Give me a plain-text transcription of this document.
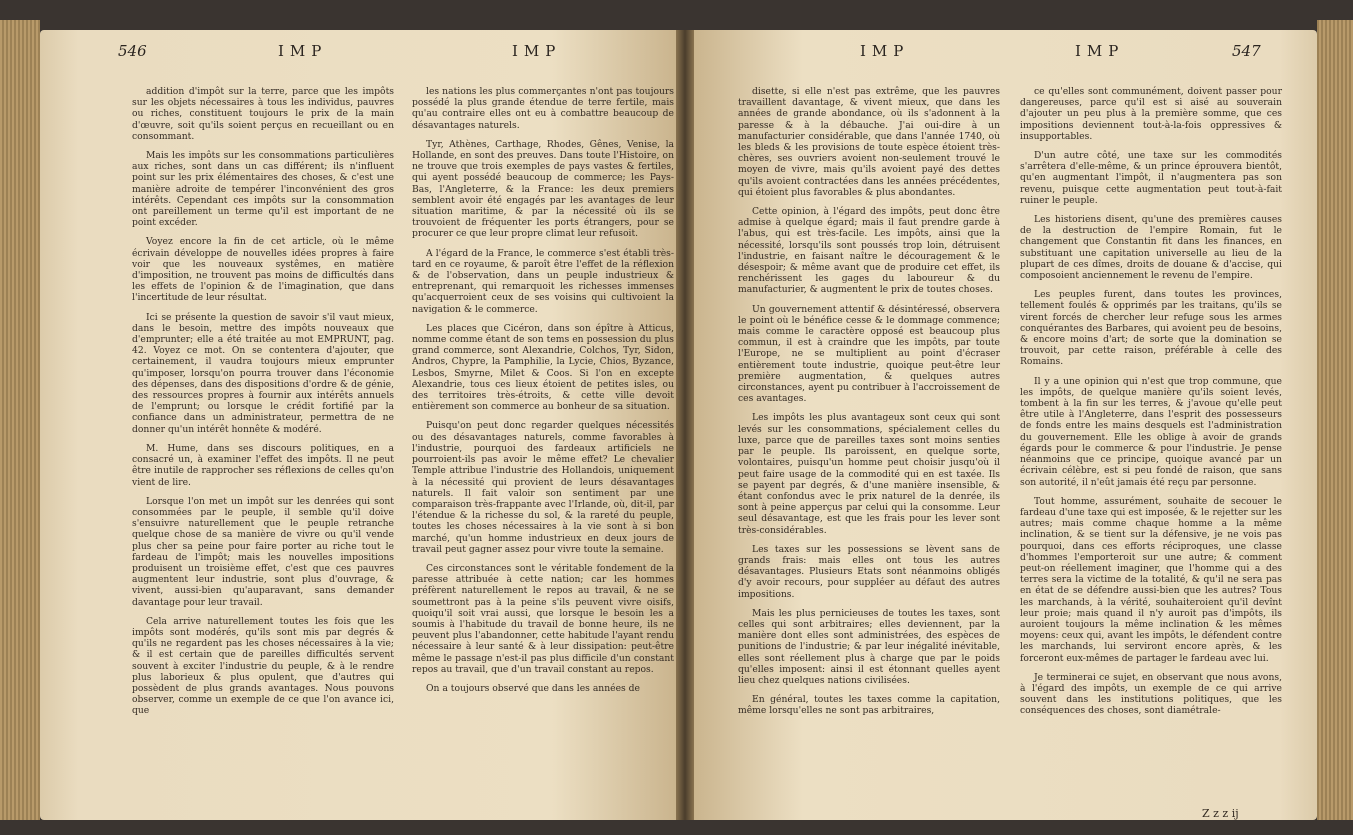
546	IMP	IMP	IMP	IMP	547

addition d'impôt sur la terre, parce que les impôts sur les objets nécessaires à tous les individus, pauvres ou riches, constituent toujours le prix de la main d'œuvre, soit qu'ils soient perçus en recueillant ou en consommant.

Mais les impôts sur les consommations particulières aux riches, sont dans un cas différent; ils n'influent point sur les prix élémentaires des choses, & c'est une manière adroite de tempérer l'inconvénient des gros intérêts. Cependant ces impôts sur la consommation ont pareillement un terme qu'il est important de ne point excéder.

Voyez encore la fin de cet article, où le même écrivain développe de nouvelles idées propres à faire voir que les nouveaux systêmes, en matière d'imposition, ne trouvent pas moins de difficultés dans les effets de l'opinion & de l'imagination, que dans l'incertitude de leur résultat.

Ici se présente la question de savoir s'il vaut mieux, dans le besoin, mettre des impôts nouveaux que d'emprunter; elle a été traitée au mot EMPRUNT, pag. 42. Voyez ce mot. On se contentera d'ajouter, que certainement, il vaudra toujours mieux emprunter qu'imposer, lorsqu'on pourra trouver dans l'économie des dépenses, dans des dispositions d'ordre & de génie, des ressources propres à fournir aux intérêts annuels de l'emprunt; ou lorsque le crédit fortifié par la confiance dans un administrateur, permettra de ne donner qu'un intérêt honnête & modéré.

M. Hume, dans ses discours politiques, en a consacré un, à examiner l'effet des impôts. Il ne peut être inutile de rapprocher ses réflexions de celles qu'on vient de lire.

Lorsque l'on met un impôt sur les denrées qui sont consommées par le peuple, il semble qu'il doive s'ensuivre naturellement que le peuple retranche quelque chose de sa manière de vivre ou qu'il vende plus cher sa peine pour faire porter au riche tout le fardeau de l'impôt; mais les nouvelles impositions produisent un troisième effet, c'est que ces pauvres augmentent leur industrie, sont plus d'ouvrage, & vivent, aussi-bien qu'auparavant, sans demander davantage pour leur travail.

Cela arrive naturellement toutes les fois que les impôts sont modérés, qu'ils sont mis par degrés & qu'ils ne regardent pas les choses nécessaires à la vie; & il est certain que de pareilles difficultés servent souvent à exciter l'industrie du peuple, & à le rendre plus laborieux & plus opulent, que d'autres qui possèdent de plus grands avantages. Nous pouvons observer, comme un exemple de ce que l'on avance ici, que

les nations les plus commerçantes n'ont pas toujours possédé la plus grande étendue de terre fertile, mais qu'au contraire elles ont eu à combattre beaucoup de désavantages naturels.

Tyr, Athènes, Carthage, Rhodes, Gênes, Venise, la Hollande, en sont des preuves. Dans toute l'Histoire, on ne trouve que trois exemples de pays vastes & fertiles, qui ayent possédé beaucoup de commerce; les Pays-Bas, l'Angleterre, & la France: les deux premiers semblent avoir été engagés par les avantages de leur situation maritime, & par la nécessité où ils se trouvoient de fréquenter les ports étrangers, pour se procurer ce que leur propre climat leur refusoit.

A l'égard de la France, le commerce s'est établi très-tard en ce royaume, & paroît être l'effet de la réflexion & de l'observation, dans un peuple industrieux & entreprenant, qui remarquoit les richesses immenses qu'acquerroient ceux de ses voisins qui cultivoient la navigation & le commerce.

Les places que Cicéron, dans son épître à Atticus, nomme comme étant de son tems en possession du plus grand commerce, sont Alexandrie, Colchos, Tyr, Sidon, Andros, Chypre, la Pamphilie, la Lycie, Chios, Byzance, Lesbos, Smyrne, Milet & Coos. Si l'on en excepte Alexandrie, tous ces lieux étoient de petites isles, ou des territoires très-étroits, & cette ville devoit entièrement son commerce au bonheur de sa situation.

Puisqu'on peut donc regarder quelques nécessités ou des désavantages naturels, comme favorables à l'industrie, pourquoi des fardeaux artificiels ne pourroient-ils pas avoir le même effet? Le chevalier Temple attribue l'industrie des Hollandois, uniquement à la nécessité qui provient de leurs désavantages naturels. Il fait valoir son sentiment par une comparaison très-frappante avec l'Irlande, où, dit-il, par l'étendue & la richesse du sol, & la rareté du peuple, toutes les choses nécessaires à la vie sont à si bon marché, qu'un homme industrieux en deux jours de travail peut gagner assez pour vivre toute la semaine.

Ces circonstances sont le véritable fondement de la paresse attribuée à cette nation; car les hommes préfèrent naturellement le repos au travail, & ne se soumettront pas à la peine s'ils peuvent vivre oisifs, quoiqu'il soit vrai aussi, que lorsque le besoin les a soumis à l'habitude du travail de bonne heure, ils ne peuvent plus l'abandonner, cette habitude l'ayant rendu nécessaire à leur santé & à leur dissipation: peut-être même le passage n'est-il pas plus difficile d'un constant repos au travail, que d'un travail constant au repos.

On a toujours observé que dans les années de

disette, si elle n'est pas extrême, que les pauvres travaillent davantage, & vivent mieux, que dans les années de grande abondance, où ils s'adonnent à la paresse & à la débauche. J'ai oui-dire à un manufacturier considérable, que dans l'année 1740, où les bleds & les provisions de toute espèce étoient très-chères, ses ouvriers avoient non-seulement trouvé le moyen de vivre, mais qu'ils avoient payé des dettes qu'ils avoient contractées dans les années précédentes, qui étoient plus favorables & plus abondantes.

Cette opinion, à l'égard des impôts, peut donc être admise à quelque égard; mais il faut prendre garde à l'abus, qui est très-facile. Les impôts, ainsi que la nécessité, lorsqu'ils sont poussés trop loin, détruisent l'industrie, en faisant naître le découragement & le désespoir; & même avant que de produire cet effet, ils renchérissent les gages du laboureur & du manufacturier, & augmentent le prix de toutes choses.

Un gouvernement attentif & désintéressé, observera le point où le bénéfice cesse & le dommage commence; mais comme le caractère opposé est beaucoup plus commun, il est à craindre que les impôts, par toute l'Europe, ne se multiplient au point d'écraser entièrement toute industrie, quoique peut-être leur première augmentation, & quelques autres circonstances, ayent pu contribuer à l'accroissement de ces avantages.

Les impôts les plus avantageux sont ceux qui sont levés sur les consommations, spécialement celles du luxe, parce que de pareilles taxes sont moins senties par le peuple. Ils paroissent, en quelque sorte, volontaires, puisqu'un homme peut choisir jusqu'où il peut faire usage de la commodité qui en est taxée. Ils se payent par degrés, & d'une manière insensible, & étant confondus avec le prix naturel de la denrée, ils sont à peine apperçus par celui qui la consomme. Leur seul désavantage, est que les frais pour les lever sont très-considérables.

Les taxes sur les possessions se lèvent sans de grands frais: mais elles ont tous les autres désavantages. Plusieurs Etats sont néanmoins obligés d'y avoir recours, pour suppléer au défaut des autres impositions.

Mais les plus pernicieuses de toutes les taxes, sont celles qui sont arbitraires; elles deviennent, par la manière dont elles sont administrées, des espèces de punitions de l'industrie; & par leur inégalité inévitable, elles sont réellement plus à charge que par le poids qu'elles imposent: ainsi il est étonnant quelles ayent lieu chez quelques nations civilisées.

En général, toutes les taxes comme la capitation, même lorsqu'elles ne sont pas arbitraires,

ce qu'elles sont communément, doivent passer pour dangereuses, parce qu'il est si aisé au souverain d'ajouter un peu plus à la première somme, que ces impositions deviennent tout-à-la-fois oppressives & insupportables.

D'un autre côté, une taxe sur les commodités s'arrêtera d'elle-même, & un prince éprouvera bientôt, qu'en augmentant l'impôt, il n'augmentera pas son revenu, puisque cette augmentation peut tout-à-fait ruiner le peuple.

Les historiens disent, qu'une des premières causes de la destruction de l'empire Romain, fut le changement que Constantin fit dans les finances, en substituant une capitation universelle au lieu de la plupart de ces dîmes, droits de douane & d'accise, qui composoient anciennement le revenu de l'empire.

Les peuples furent, dans toutes les provinces, tellement foulés & opprimés par les traitans, qu'ils se virent forcés de chercher leur refuge sous les armes conquérantes des Barbares, qui avoient peu de besoins, & encore moins d'art; de sorte que la domination se trouvoit, par cette raison, préférable à celle des Romains.

Il y a une opinion qui n'est que trop commune, que les impôts, de quelque manière qu'ils soient levés, tombent à la fin sur les terres, & j'avoue qu'elle peut être utile à l'Angleterre, dans l'esprit des possesseurs de fonds entre les mains desquels est l'administration du gouvernement. Elle les oblige à avoir de grands égards pour le commerce & pour l'industrie. Je pense néanmoins que ce principe, quoique avancé par un écrivain célèbre, est si peu fondé de raison, que sans son autorité, il n'eût jamais été reçu par personne.

Tout homme, assurément, souhaite de secouer le fardeau d'une taxe qui est imposée, & le rejetter sur les autres; mais comme chaque homme a la même inclination, & se tient sur la défensive, je ne vois pas pourquoi, dans ces efforts réciproques, une classe d'hommes l'emporteroit sur une autre; & comment peut-on réellement imaginer, que l'homme qui a des terres sera la victime de la totalité, & qu'il ne sera pas en état de se défendre aussi-bien que les autres? Tous les marchands, à la vérité, souhaiteroient qu'il devînt leur proie; mais quand il n'y auroit pas d'impôts, ils auroient toujours la même inclination & les mêmes moyens: ceux qui, avant les impôts, le défendent contre les marchands, lui serviront encore après, & les forceront eux-mêmes de partager le fardeau avec lui.

Je terminerai ce sujet, en observant que nous avons, à l'égard des impôts, un exemple de ce qui arrive souvent dans les institutions politiques, que les conséquences des choses, sont diamétrale-

Z z z ij
